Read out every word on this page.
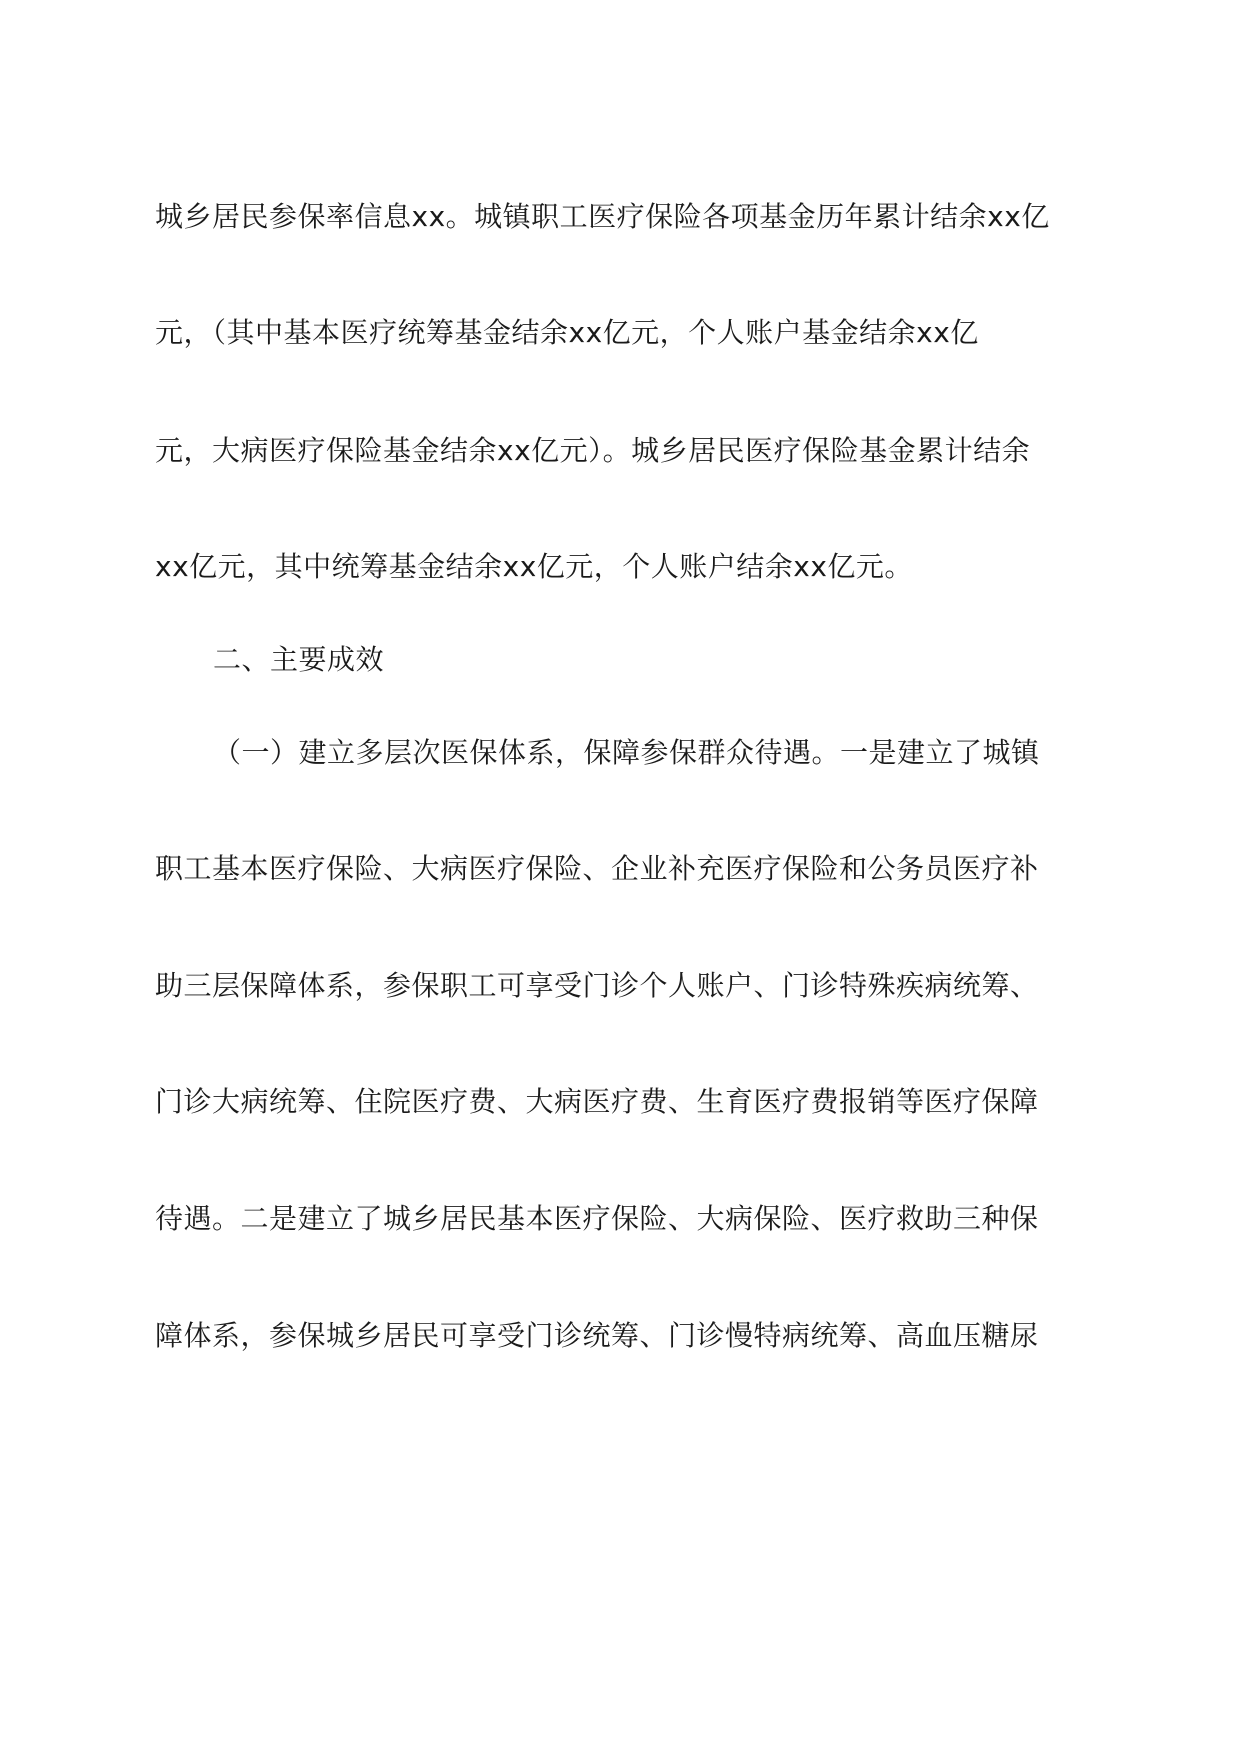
城乡居民参保率信息xx。城镇职工医疗保险各项基金历年累计结余xx亿
元，（其中基本医疗统筹基金结余xx亿元，个人账户基金结余xx亿
元，大病医疗保险基金结余xx亿元）。城乡居民医疗保险基金累计结余
xx亿元，其中统筹基金结余xx亿元，个人账户结余xx亿元。
二、主要成效
（一）建立多层次医保体系，保障参保群众待遇。一是建立了城镇
职工基本医疗保险、大病医疗保险、企业补充医疗保险和公务员医疗补
助三层保障体系，参保职工可享受门诊个人账户、门诊特殊疾病统筹、
门诊大病统筹、住院医疗费、大病医疗费、生育医疗费报销等医疗保障
待遇。二是建立了城乡居民基本医疗保险、大病保险、医疗救助三种保
障体系，参保城乡居民可享受门诊统筹、门诊慢特病统筹、高血压糖尿
